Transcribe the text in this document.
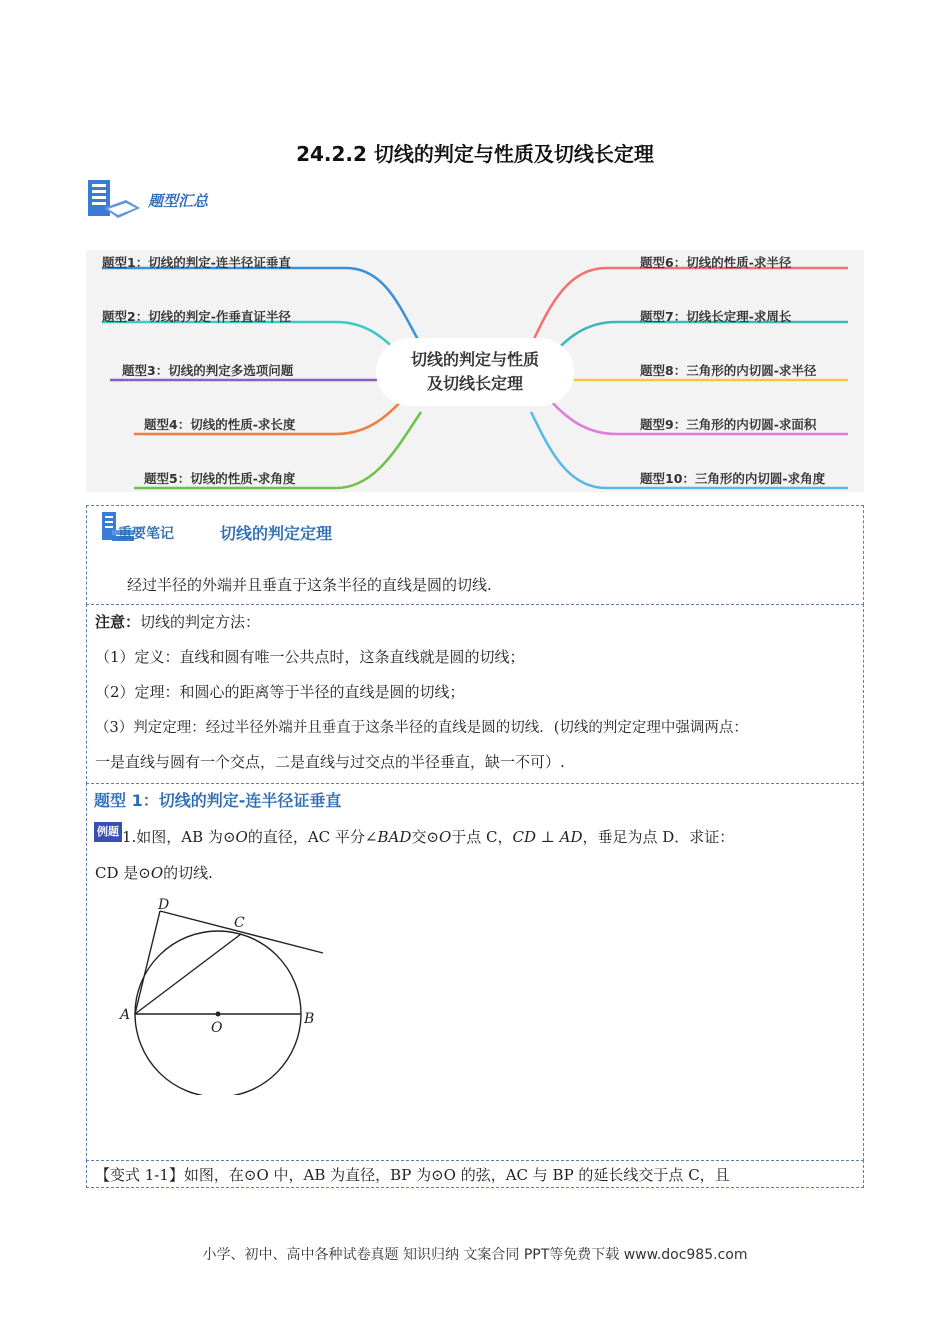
24.2.2 切线的判定与性质及切线长定理
题型汇总
题型1：切线的判定-连半径证垂直
题型2：切线的判定-作垂直证半径
题型3：切线的判定多选项问题
题型4：切线的性质-求长度
题型5：切线的性质-求角度
题型6：切线的性质-求半径
题型7：切线长定理-求周长
题型8：三角形的内切圆-求半径
题型9：三角形的内切圆-求面积
题型10：三角形的内切圆-求角度
切线的判定与性质
及切线长定理
重要笔记	切线的判定定理
经过半径的外端并且垂直于这条半径的直线是圆的切线.
注意：切线的判定方法：
（1）定义：直线和圆有唯一公共点时，这条直线就是圆的切线；
（2）定理：和圆心的距离等于半径的直线是圆的切线；
（3）判定定理：经过半径外端并且垂直于这条半径的直线是圆的切线．(切线的判定定理中强调两点：
一是直线与圆有一个交点，二是直线与过交点的半径垂直，缺一不可）.
题型 1：切线的判定-连半径证垂直
例题 1.如图，AB 为⊙O的直径，AC 平分∠BAD交⊙O于点 C，CD ⊥ AD，垂足为点 D．求证：
CD 是⊙O的切线.
D
C
A
O
B
【变式 1-1】如图，在⊙O 中，AB 为直径，BP 为⊙O 的弦，AC 与 BP 的延长线交于点 C，且
小学、初中、高中各种试卷真题 知识归纳 文案合同 PPT等免费下载 www.doc985.com
